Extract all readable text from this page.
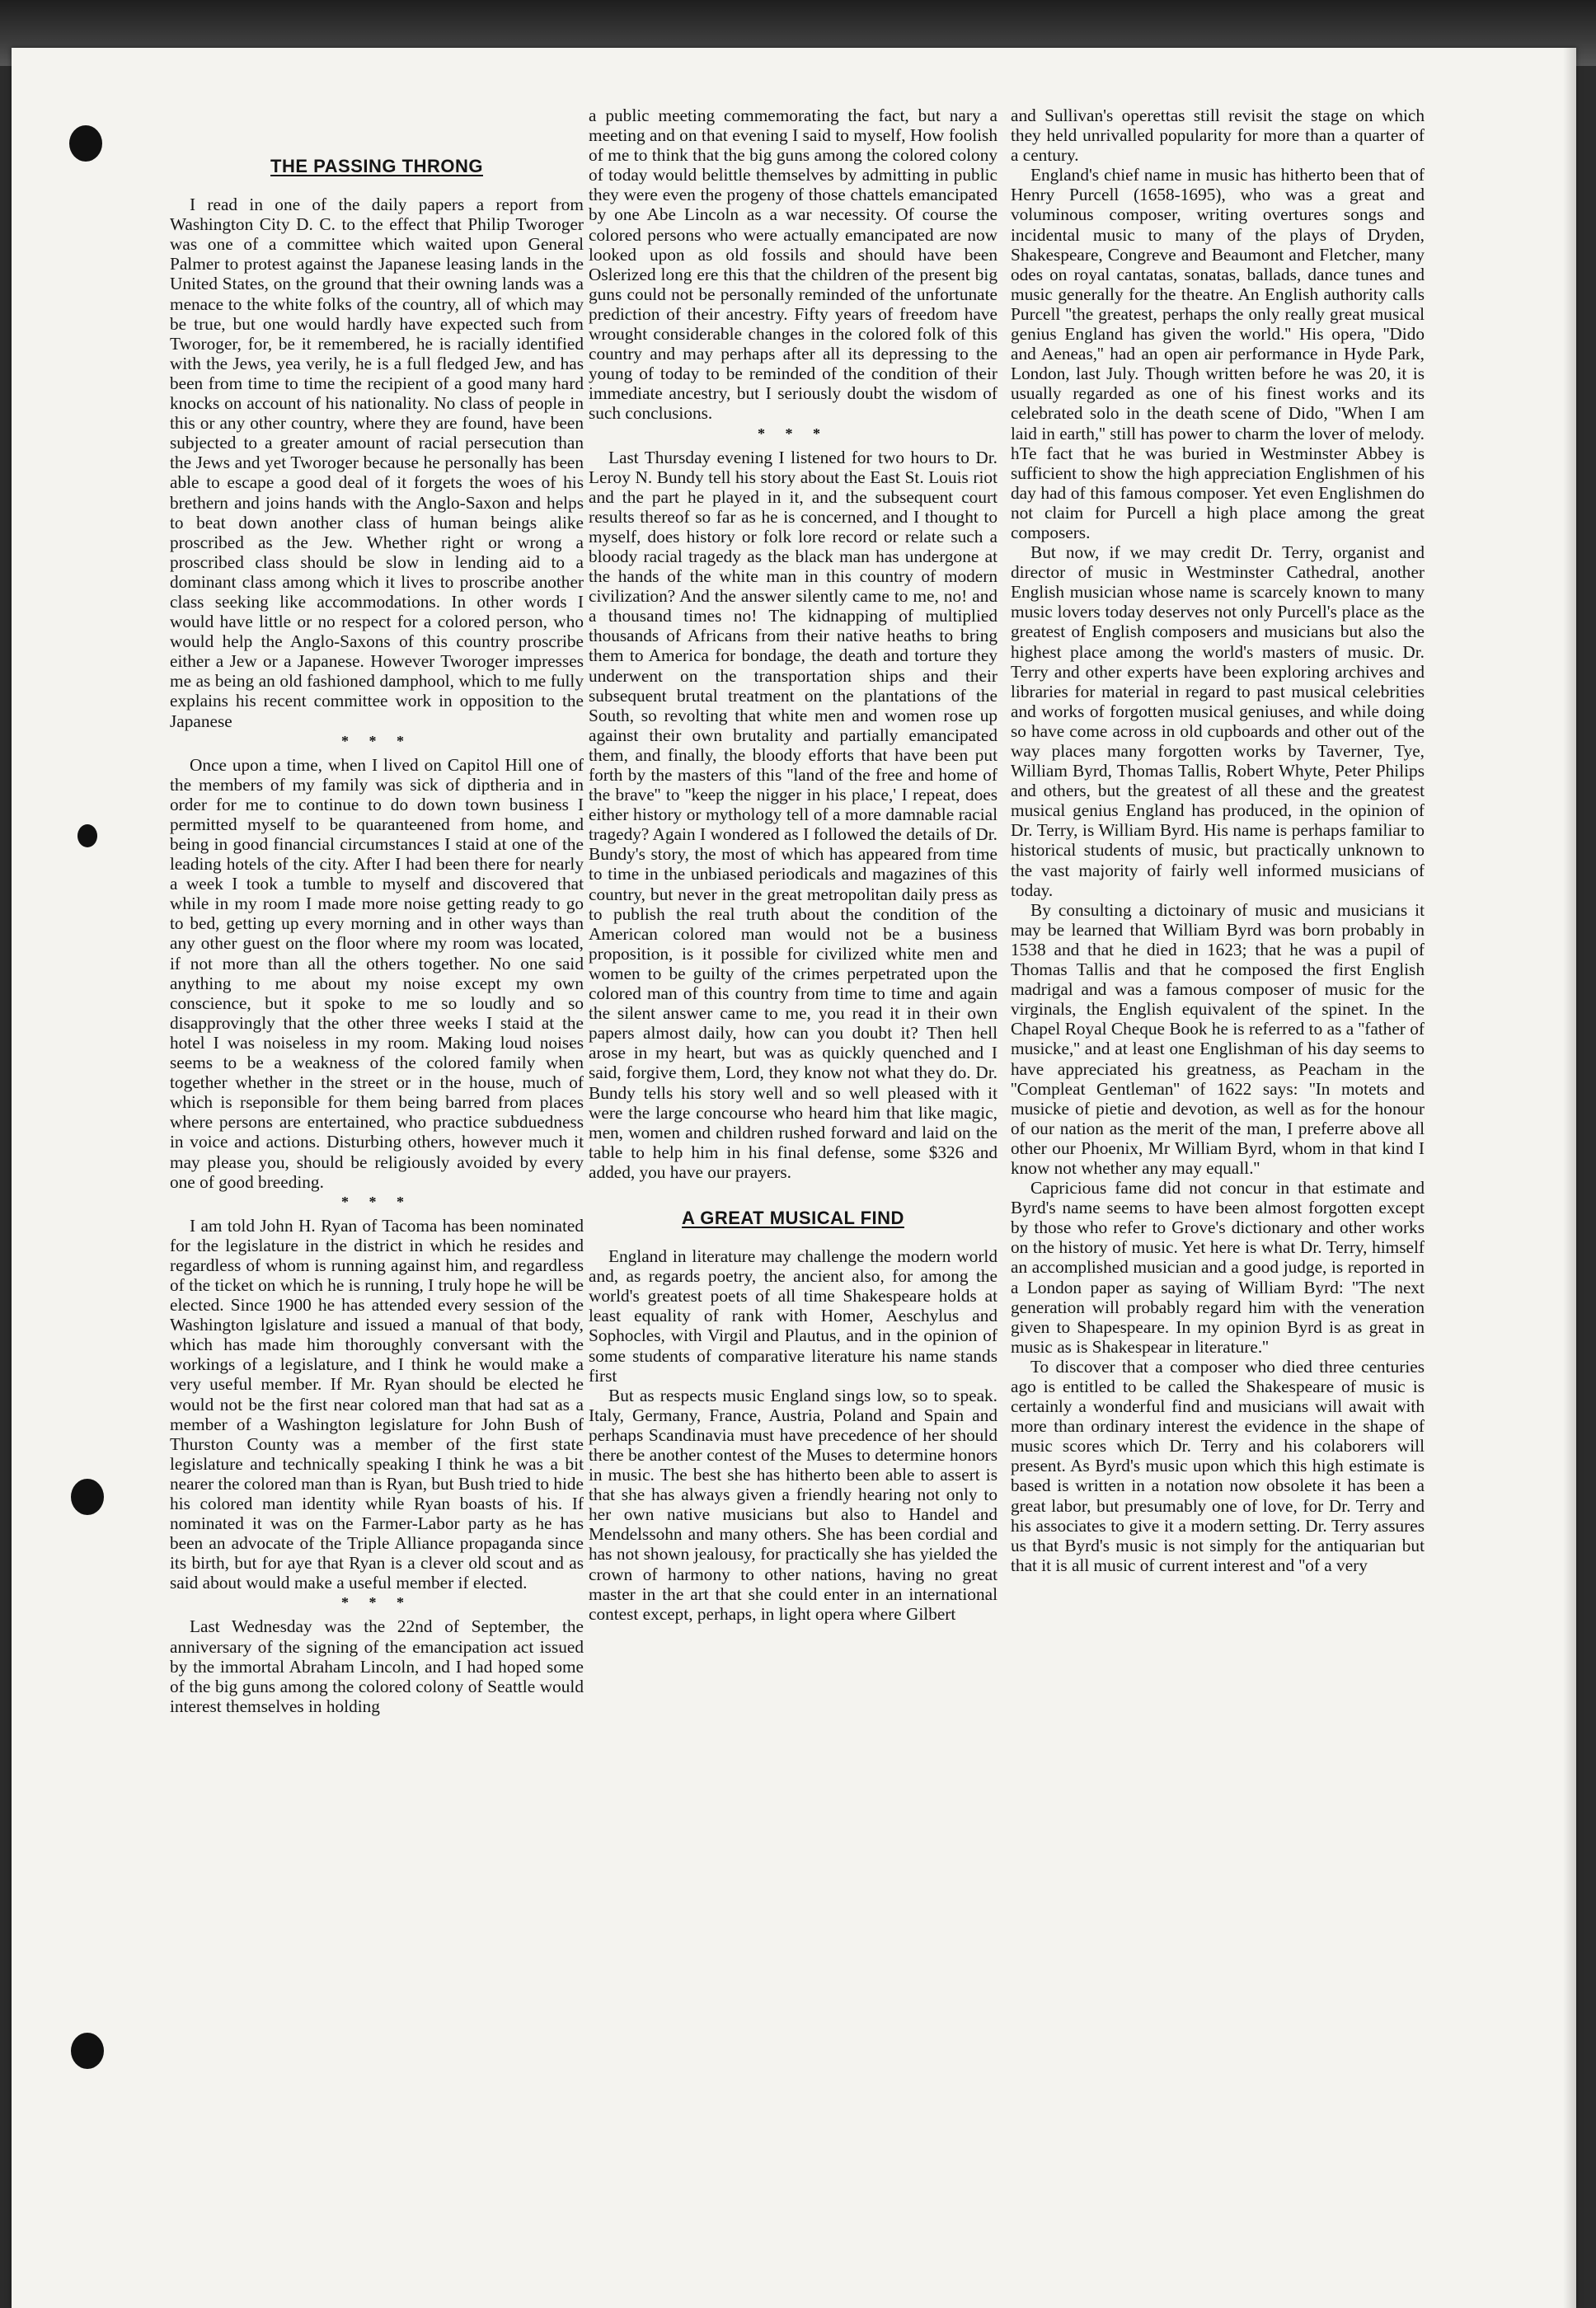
THE PASSING THRONG

I read in one of the daily papers a report from Washington City D. C. to the effect that Philip Tworoger was one of a committee which waited upon General Palmer to protest against the Japanese leasing lands in the United States, on the ground that their owning lands was a menace to the white folks of the country, all of which may be true, but one would hardly have expected such from Tworoger, for, be it remembered, he is racially identified with the Jews, yea verily, he is a full fledged Jew, and has been from time to time the recipient of a good many hard knocks on account of his nationality. No class of people in this or any other country, where they are found, have been subjected to a greater amount of racial persecution than the Jews and yet Tworoger because he personally has been able to escape a good deal of it forgets the woes of his brethern and joins hands with the Anglo-Saxon and helps to beat down another class of human beings alike proscribed as the Jew. Whether right or wrong a proscribed class should be slow in lending aid to a dominant class among which it lives to proscribe another class seeking like accommodations. In other words I would have little or no respect for a colored person, who would help the Anglo-Saxons of this country proscribe either a Jew or a Japanese. However Tworoger impresses me as being an old fashioned damphool, which to me fully explains his recent committee work in opposition to the Japanese

* * *

Once upon a time, when I lived on Capitol Hill one of the members of my family was sick of diptheria and in order for me to continue to do down town business I permitted myself to be quaranteened from home, and being in good financial circumstances I staid at one of the leading hotels of the city. After I had been there for nearly a week I took a tumble to myself and discovered that while in my room I made more noise getting ready to go to bed, getting up every morning and in other ways than any other guest on the floor where my room was located, if not more than all the others together. No one said anything to me about my noise except my own conscience, but it spoke to me so loudly and so disapprovingly that the other three weeks I staid at the hotel I was noiseless in my room. Making loud noises seems to be a weakness of the colored family when together whether in the street or in the house, much of which is rseponsible for them being barred from places where persons are entertained, who practice subduedness in voice and actions. Disturbing others, however much it may please you, should be religiously avoided by every one of good breeding.

* * *

I am told John H. Ryan of Tacoma has been nominated for the legislature in the district in which he resides and regardless of whom is running against him, and regardless of the ticket on which he is running, I truly hope he will be elected. Since 1900 he has attended every session of the Washington lgislature and issued a manual of that body, which has made him thoroughly conversant with the workings of a legislature, and I think he would make a very useful member. If Mr. Ryan should be elected he would not be the first near colored man that had sat as a member of a Washington legislature for John Bush of Thurston County was a member of the first state legislature and technically speaking I think he was a bit nearer the colored man than is Ryan, but Bush tried to hide his colored man identity while Ryan boasts of his. If nominated it was on the Farmer-Labor party as he has been an advocate of the Triple Alliance propaganda since its birth, but for aye that Ryan is a clever old scout and as said about would make a useful member if elected.

* * *

Last Wednesday was the 22nd of September, the anniversary of the signing of the emancipation act issued by the immortal Abraham Lincoln, and I had hoped some of the big guns among the colored colony of Seattle would interest themselves in holding

a public meeting commemorating the fact, but nary a meeting and on that evening I said to myself, How foolish of me to think that the big guns among the colored colony of today would belittle themselves by admitting in public they were even the progeny of those chattels emancipated by one Abe Lincoln as a war necessity. Of course the colored persons who were actually emancipated are now looked upon as old fossils and should have been Oslerized long ere this that the children of the present big guns could not be personally reminded of the unfortunate prediction of their ancestry. Fifty years of freedom have wrought considerable changes in the colored folk of this country and may perhaps after all its depressing to the young of today to be reminded of the condition of their immediate ancestry, but I seriously doubt the wisdom of such conclusions.

* * *

Last Thursday evening I listened for two hours to Dr. Leroy N. Bundy tell his story about the East St. Louis riot and the part he played in it, and the subsequent court results thereof so far as he is concerned, and I thought to myself, does history or folk lore record or relate such a bloody racial tragedy as the black man has undergone at the hands of the white man in this country of modern civilization? And the answer silently came to me, no! and a thousand times no! The kidnapping of multiplied thousands of Africans from their native heaths to bring them to America for bondage, the death and torture they underwent on the transportation ships and their subsequent brutal treatment on the plantations of the South, so revolting that white men and women rose up against their own brutality and partially emancipated them, and finally, the bloody efforts that have been put forth by the masters of this ''land of the free and home of the brave'' to ''keep the nigger in his place,' I repeat, does either history or mythology tell of a more damnable racial tragedy? Again I wondered as I followed the details of Dr. Bundy's story, the most of which has appeared from time to time in the unbiased periodicals and magazines of this country, but never in the great metropolitan daily press as to publish the real truth about the condition of the American colored man would not be a business proposition, is it possible for civilized white men and women to be guilty of the crimes perpetrated upon the colored man of this country from time to time and again the silent answer came to me, you read it in their own papers almost daily, how can you doubt it? Then hell arose in my heart, but was as quickly quenched and I said, forgive them, Lord, they know not what they do. Dr. Bundy tells his story well and so well pleased with it were the large concourse who heard him that like magic, men, women and children rushed forward and laid on the table to help him in his final defense, some $326 and added, you have our prayers.

A GREAT MUSICAL FIND

England in literature may challenge the modern world and, as regards poetry, the ancient also, for among the world's greatest poets of all time Shakespeare holds at least equality of rank with Homer, Aeschylus and Sophocles, with Virgil and Plautus, and in the opinion of some students of comparative literature his name stands first

But as respects music England sings low, so to speak. Italy, Germany, France, Austria, Poland and Spain and perhaps Scandinavia must have precedence of her should there be another contest of the Muses to determine honors in music. The best she has hitherto been able to assert is that she has always given a friendly hearing not only to her own native musicians but also to Handel and Mendelssohn and many others. She has been cordial and has not shown jealousy, for practically she has yielded the crown of harmony to other nations, having no great master in the art that she could enter in an international contest except, perhaps, in light opera where Gilbert

and Sullivan's operettas still revisit the stage on which they held unrivalled popularity for more than a quarter of a century.

England's chief name in music has hitherto been that of Henry Purcell (1658-1695), who was a great and voluminous composer, writing overtures songs and incidental music to many of the plays of Dryden, Shakespeare, Congreve and Beaumont and Fletcher, many odes on royal cantatas, sonatas, ballads, dance tunes and music generally for the theatre. An English authority calls Purcell ''the greatest, perhaps the only really great musical genius England has given the world.'' His opera, ''Dido and Aeneas,'' had an open air performance in Hyde Park, London, last July. Though written before he was 20, it is usually regarded as one of his finest works and its celebrated solo in the death scene of Dido, ''When I am laid in earth,'' still has power to charm the lover of melody. hTe fact that he was buried in Westminster Abbey is sufficient to show the high appreciation Englishmen of his day had of this famous composer. Yet even Englishmen do not claim for Purcell a high place among the great composers.

But now, if we may credit Dr. Terry, organist and director of music in Westminster Cathedral, another English musician whose name is scarcely known to many music lovers today deserves not only Purcell's place as the greatest of English composers and musicians but also the highest place among the world's masters of music. Dr. Terry and other experts have been exploring archives and libraries for material in regard to past musical celebrities and works of forgotten musical geniuses, and while doing so have come across in old cupboards and other out of the way places many forgotten works by Taverner, Tye, William Byrd, Thomas Tallis, Robert Whyte, Peter Philips and others, but the greatest of all these and the greatest musical genius England has produced, in the opinion of Dr. Terry, is William Byrd. His name is perhaps familiar to historical students of music, but practically unknown to the vast majority of fairly well informed musicians of today.

By consulting a dictoinary of music and musicians it may be learned that William Byrd was born probably in 1538 and that he died in 1623; that he was a pupil of Thomas Tallis and that he composed the first English madrigal and was a famous composer of music for the virginals, the English equivalent of the spinet. In the Chapel Royal Cheque Book he is referred to as a ''father of musicke,'' and at least one Englishman of his day seems to have appreciated his greatness, as Peacham in the ''Compleat Gentleman'' of 1622 says: ''In motets and musicke of pietie and devotion, as well as for the honour of our nation as the merit of the man, I preferre above all other our Phoenix, Mr William Byrd, whom in that kind I know not whether any may equall.''

Capricious fame did not concur in that estimate and Byrd's name seems to have been almost forgotten except by those who refer to Grove's dictionary and other works on the history of music. Yet here is what Dr. Terry, himself an accomplished musician and a good judge, is reported in a London paper as saying of William Byrd: ''The next generation will probably regard him with the veneration given to Shapespeare. In my opinion Byrd is as great in music as is Shakespear in literature.''

To discover that a composer who died three centuries ago is entitled to be called the Shakespeare of music is certainly a wonderful find and musicians will await with more than ordinary interest the evidence in the shape of music scores which Dr. Terry and his colaborers will present. As Byrd's music upon which this high estimate is based is written in a notation now obsolete it has been a great labor, but presumably one of love, for Dr. Terry and his associates to give it a modern setting. Dr. Terry assures us that Byrd's music is not simply for the antiquarian but that it is all music of current interest and ''of a very
